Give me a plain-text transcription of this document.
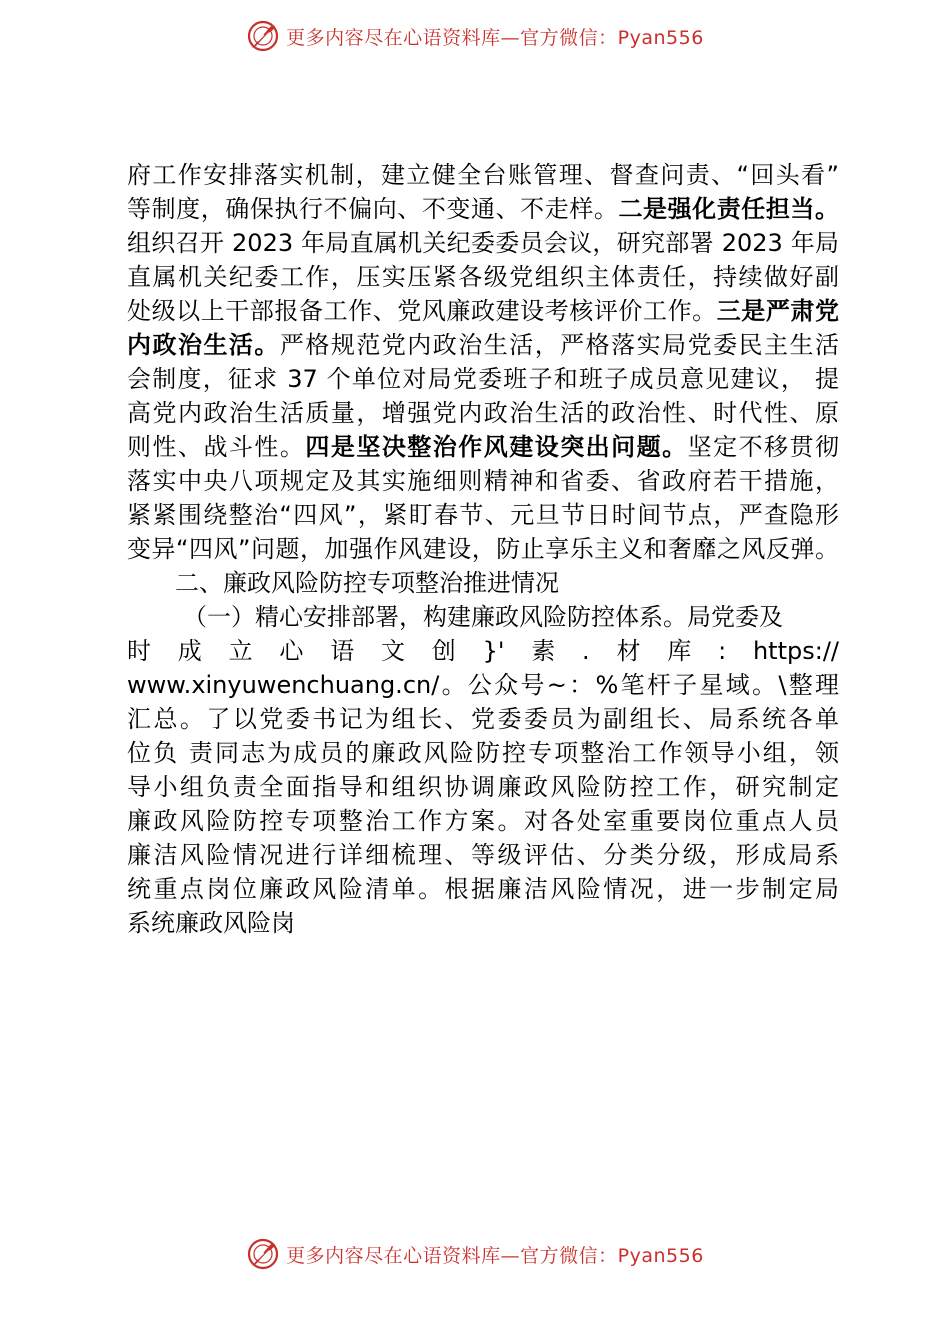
更多内容尽在心语资料库—官方微信：Pyan556
府工作安排落实机制，建立健全台账管理、督查问责、“回头看”
等制度，确保执行不偏向、不变通、不走样。二是强化责任担当。
组织召开 2023 年局直属机关纪委委员会议，研究部署 2023 年局
直属机关纪委工作，压实压紧各级党组织主体责任，持续做好副
处级以上干部报备工作、党风廉政建设考核评价工作。三是严肃党
内政治生活。严格规范党内政治生活，严格落实局党委民主生活
会制度，征求 37 个单位对局党委班子和班子成员意见建议， 提
高党内政治生活质量，增强党内政治生活的政治性、时代性、原
则性、战斗性。四是坚决整治作风建设突出问题。坚定不移贯彻
落实中央八项规定及其实施细则精神和省委、省政府若干措施，
紧紧围绕整治“四风”，紧盯春节、元旦节日时间节点，严查隐形
变异“四风”问题，加强作风建设，防止享乐主义和奢靡之风反弹。
二、廉政风险防控专项整治推进情况
（一）精心安排部署，构建廉政风险防控体系。局党委及
时 成 立 心 语 文 创 }' 素 . 材 库 : https://
www.xinyuwenchuang.cn/。公众号~：%笔杆子星域。\整理
汇总。了以党委书记为组长、党委委员为副组长、局系统各单
位负 责同志为成员的廉政风险防控专项整治工作领导小组，领
导小组负责全面指导和组织协调廉政风险防控工作，研究制定
廉政风险防控专项整治工作方案。对各处室重要岗位重点人员
廉洁风险情况进行详细梳理、等级评估、分类分级，形成局系
统重点岗位廉政风险清单。根据廉洁风险情况，进一步制定局
系统廉政风险岗
更多内容尽在心语资料库—官方微信：Pyan556
